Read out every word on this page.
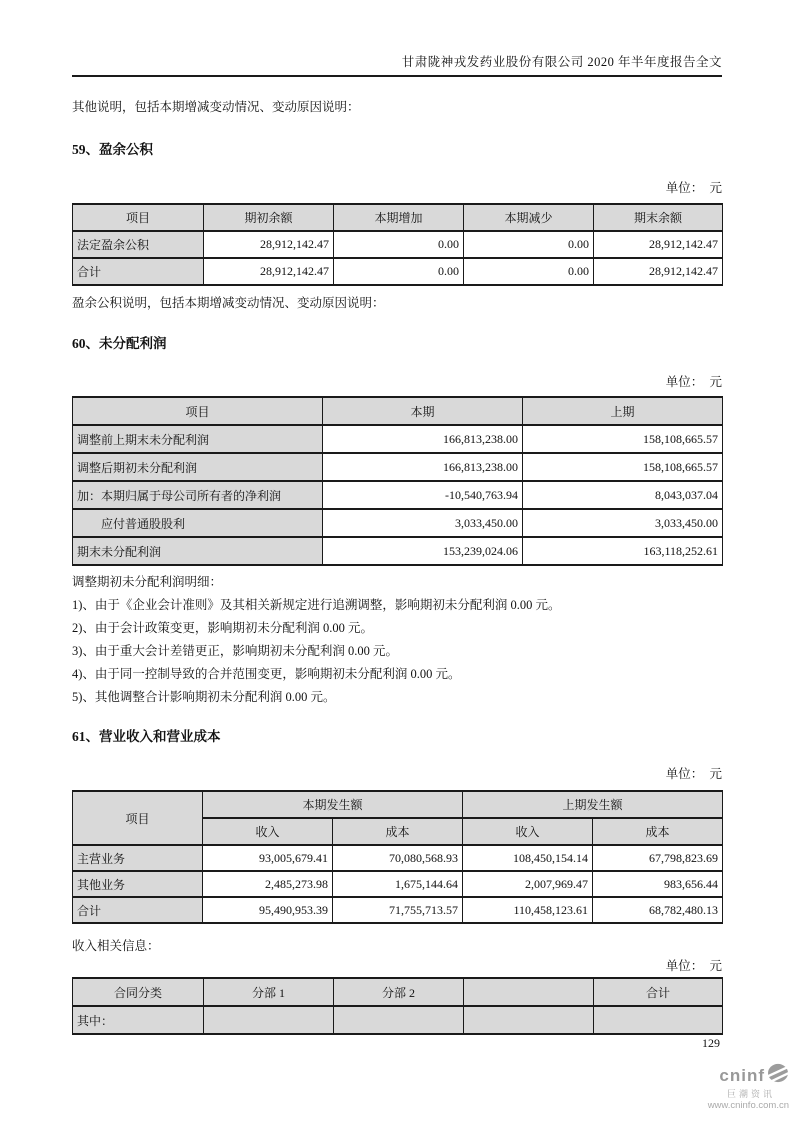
甘肃陇神戎发药业股份有限公司 2020 年半年度报告全文

其他说明，包括本期增减变动情况、变动原因说明：

59、盈余公积
单位：　元
项目	期初余额	本期增加	本期减少	期末余额
法定盈余公积	28,912,142.47	0.00	0.00	28,912,142.47
合计	28,912,142.47	0.00	0.00	28,912,142.47

盈余公积说明，包括本期增减变动情况、变动原因说明：

60、未分配利润
单位：　元
项目	本期	上期
调整前上期末未分配利润	166,813,238.00	158,108,665.57
调整后期初未分配利润	166,813,238.00	158,108,665.57
加：本期归属于母公司所有者的净利润	-10,540,763.94	8,043,037.04
　　应付普通股股利	3,033,450.00	3,033,450.00
期末未分配利润	153,239,024.06	163,118,252.61

调整期初未分配利润明细：

1)、由于《企业会计准则》及其相关新规定进行追溯调整，影响期初未分配利润 0.00 元。

2)、由于会计政策变更，影响期初未分配利润 0.00 元。

3)、由于重大会计差错更正，影响期初未分配利润 0.00 元。

4)、由于同一控制导致的合并范围变更，影响期初未分配利润 0.00 元。

5)、其他调整合计影响期初未分配利润 0.00 元。

61、营业收入和营业成本
单位：　元
项目	本期发生额		上期发生额	
	收入	成本	收入	成本
主营业务	93,005,679.41	70,080,568.93	108,450,154.14	67,798,823.69
其他业务	2,485,273.98	1,675,144.64	2,007,969.47	983,656.44
合计	95,490,953.39	71,755,713.57	110,458,123.61	68,782,480.13

收入相关信息：

单位：　元
合同分类	分部 1	分部 2		合计
其中：				
129
cninf
巨潮资讯
www.cninfo.com.cn
